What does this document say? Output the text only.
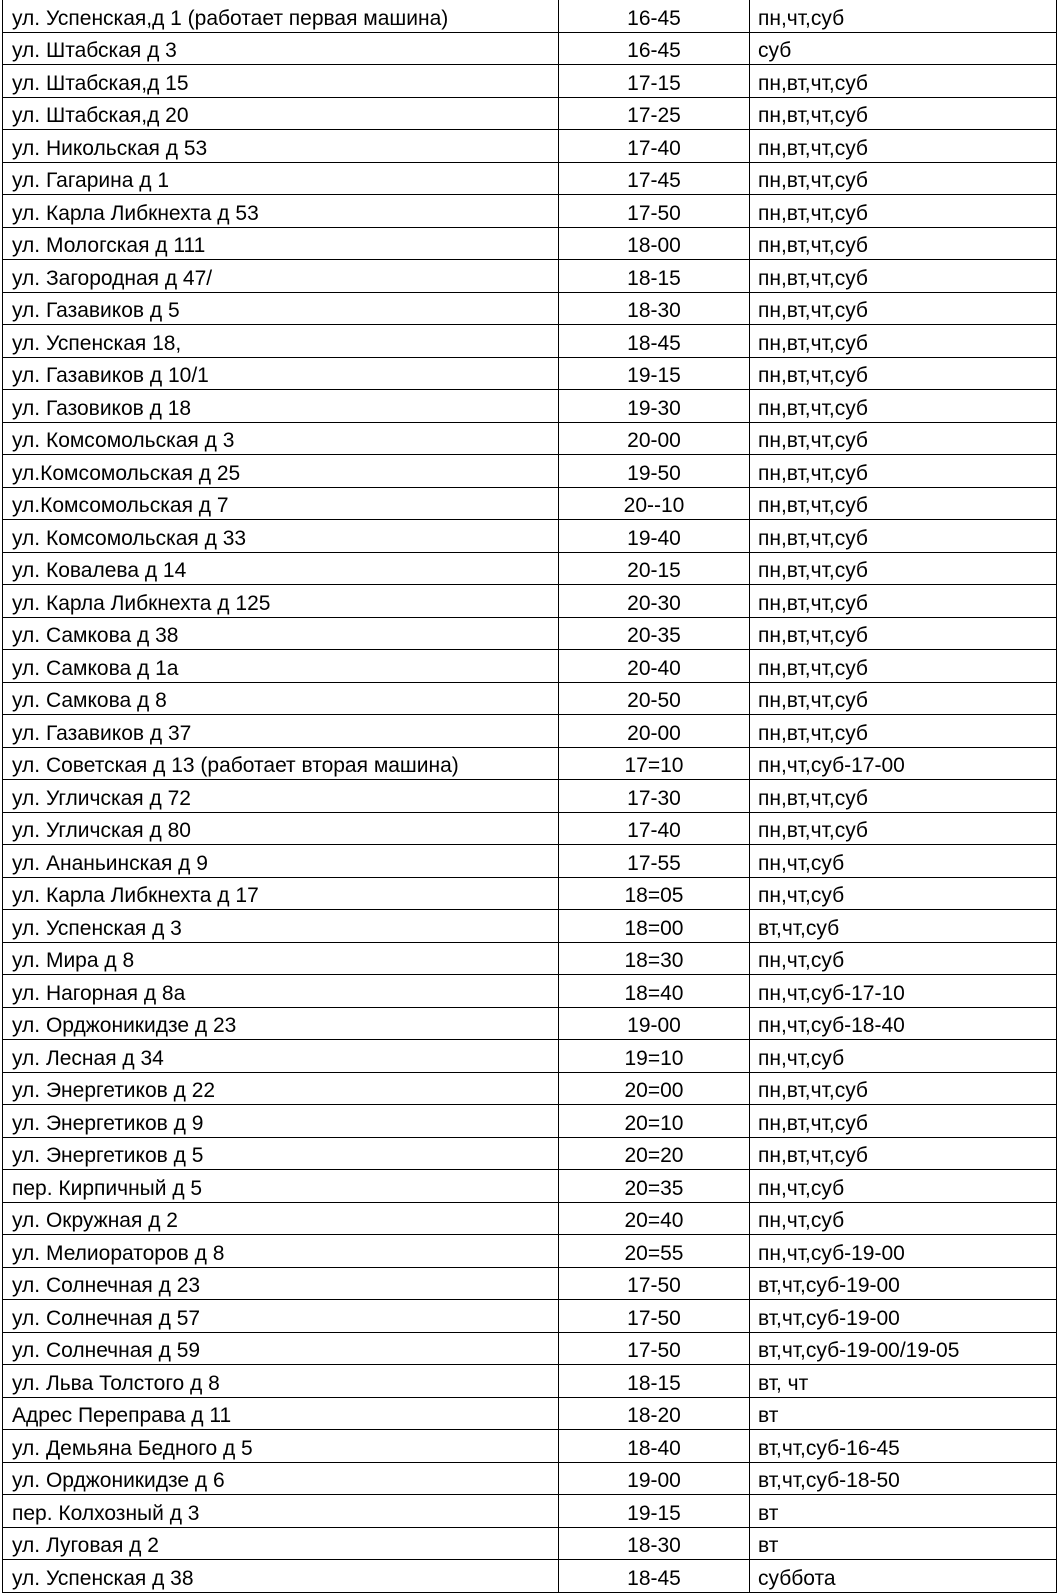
ул. Успенская,д 1 (работает первая машина)	16-45	пн,чт,суб
ул. Штабская д 3	16-45	суб
ул. Штабская,д 15	17-15	пн,вт,чт,суб
ул. Штабская,д 20	17-25	пн,вт,чт,суб
ул. Никольская д 53	17-40	пн,вт,чт,суб
ул. Гагарина д 1	17-45	пн,вт,чт,суб
ул. Карла Либкнехта д 53	17-50	пн,вт,чт,суб
ул. Мологская д 111	18-00	пн,вт,чт,суб
ул. Загородная д 47/	18-15	пн,вт,чт,суб
ул. Газавиков д 5	18-30	пн,вт,чт,суб
ул. Успенская 18,	18-45	пн,вт,чт,суб
ул. Газавиков д 10/1	19-15	пн,вт,чт,суб
ул. Газовиков д 18	19-30	пн,вт,чт,суб
ул. Комсомольская д 3	20-00	пн,вт,чт,суб
ул.Комсомольская д 25	19-50	пн,вт,чт,суб
ул.Комсомольская д 7	20--10	пн,вт,чт,суб
ул. Комсомольская д 33	19-40	пн,вт,чт,суб
ул. Ковалева д 14	20-15	пн,вт,чт,суб
ул. Карла Либкнехта д 125	20-30	пн,вт,чт,суб
ул. Самкова д 38	20-35	пн,вт,чт,суб
ул. Самкова д 1а	20-40	пн,вт,чт,суб
ул. Самкова д 8	20-50	пн,вт,чт,суб
ул. Газавиков д 37	20-00	пн,вт,чт,суб
ул. Советская д 13 (работает вторая машина)	17=10	пн,чт,суб-17-00
ул. Угличская д 72	17-30	пн,вт,чт,суб
ул. Угличская д 80	17-40	пн,вт,чт,суб
ул. Ананьинская д 9	17-55	пн,чт,суб
ул. Карла Либкнехта д 17	18=05	пн,чт,суб
ул. Успенская д 3	18=00	вт,чт,суб
ул. Мира д 8	18=30	пн,чт,суб
ул. Нагорная д 8а	18=40	пн,чт,суб-17-10
ул. Орджоникидзе д 23	19-00	пн,чт,суб-18-40
ул. Лесная д 34	19=10	пн,чт,суб
ул. Энергетиков д 22	20=00	пн,вт,чт,суб
ул. Энергетиков д 9	20=10	пн,вт,чт,суб
ул. Энергетиков д 5	20=20	пн,вт,чт,суб
пер. Кирпичный д 5	20=35	пн,чт,суб
ул. Окружная д 2	20=40	пн,чт,суб
ул. Мелиораторов д 8	20=55	пн,чт,суб-19-00
ул. Солнечная д 23	17-50	вт,чт,суб-19-00
ул. Солнечная д 57	17-50	вт,чт,суб-19-00
ул. Солнечная д 59	17-50	вт,чт,суб-19-00/19-05
ул. Льва Толстого д 8	18-15	вт, чт
Адрес Переправа д 11	18-20	вт
ул. Демьяна Бедного д 5	18-40	вт,чт,суб-16-45
ул. Орджоникидзе д 6	19-00	вт,чт,суб-18-50
пер. Колхозный д 3	19-15	вт
ул. Луговая д 2	18-30	вт
ул. Успенская д 38	18-45	суббота
